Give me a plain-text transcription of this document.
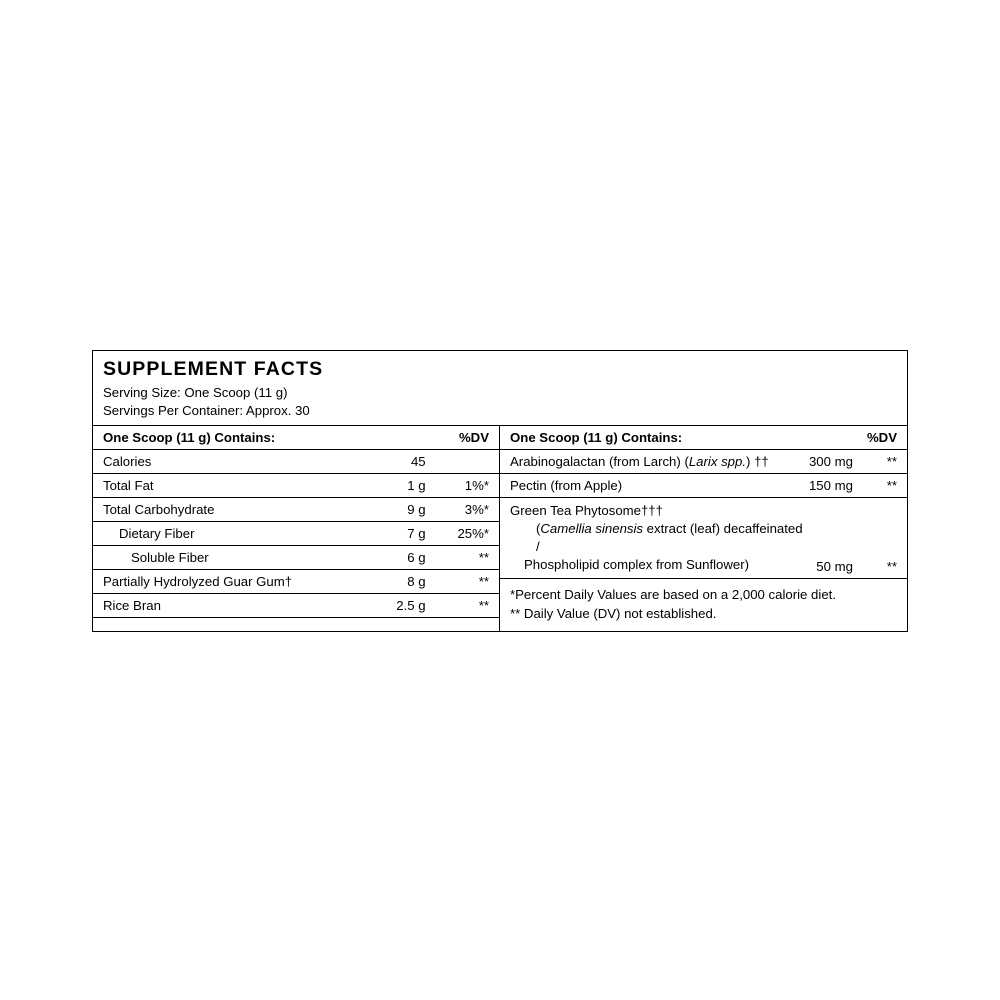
SUPPLEMENT FACTS
Serving Size: One Scoop (11 g)
Servings Per Container: Approx. 30
One Scoop (11 g) Contains:		%DV
Calories	45	
Total Fat	1 g	1%*
Total Carbohydrate	9 g	3%*
Dietary Fiber	7 g	25%*
Soluble Fiber	6 g	**
Partially Hydrolyzed Guar Gum†	8 g	**
Rice Bran	2.5 g	**
One Scoop (11 g) Contains:		%DV
Arabinogalactan (from Larch) (Larix spp.) ††	300 mg	**
Pectin (from Apple)	150 mg	**

Green Tea Phytosome†††
(Camellia sinensis extract (leaf) decaffeinated /
Phospholipid complex from Sunflower)	50 mg	**
*Percent Daily Values are based on a 2,000 calorie diet.
** Daily Value (DV) not established.
